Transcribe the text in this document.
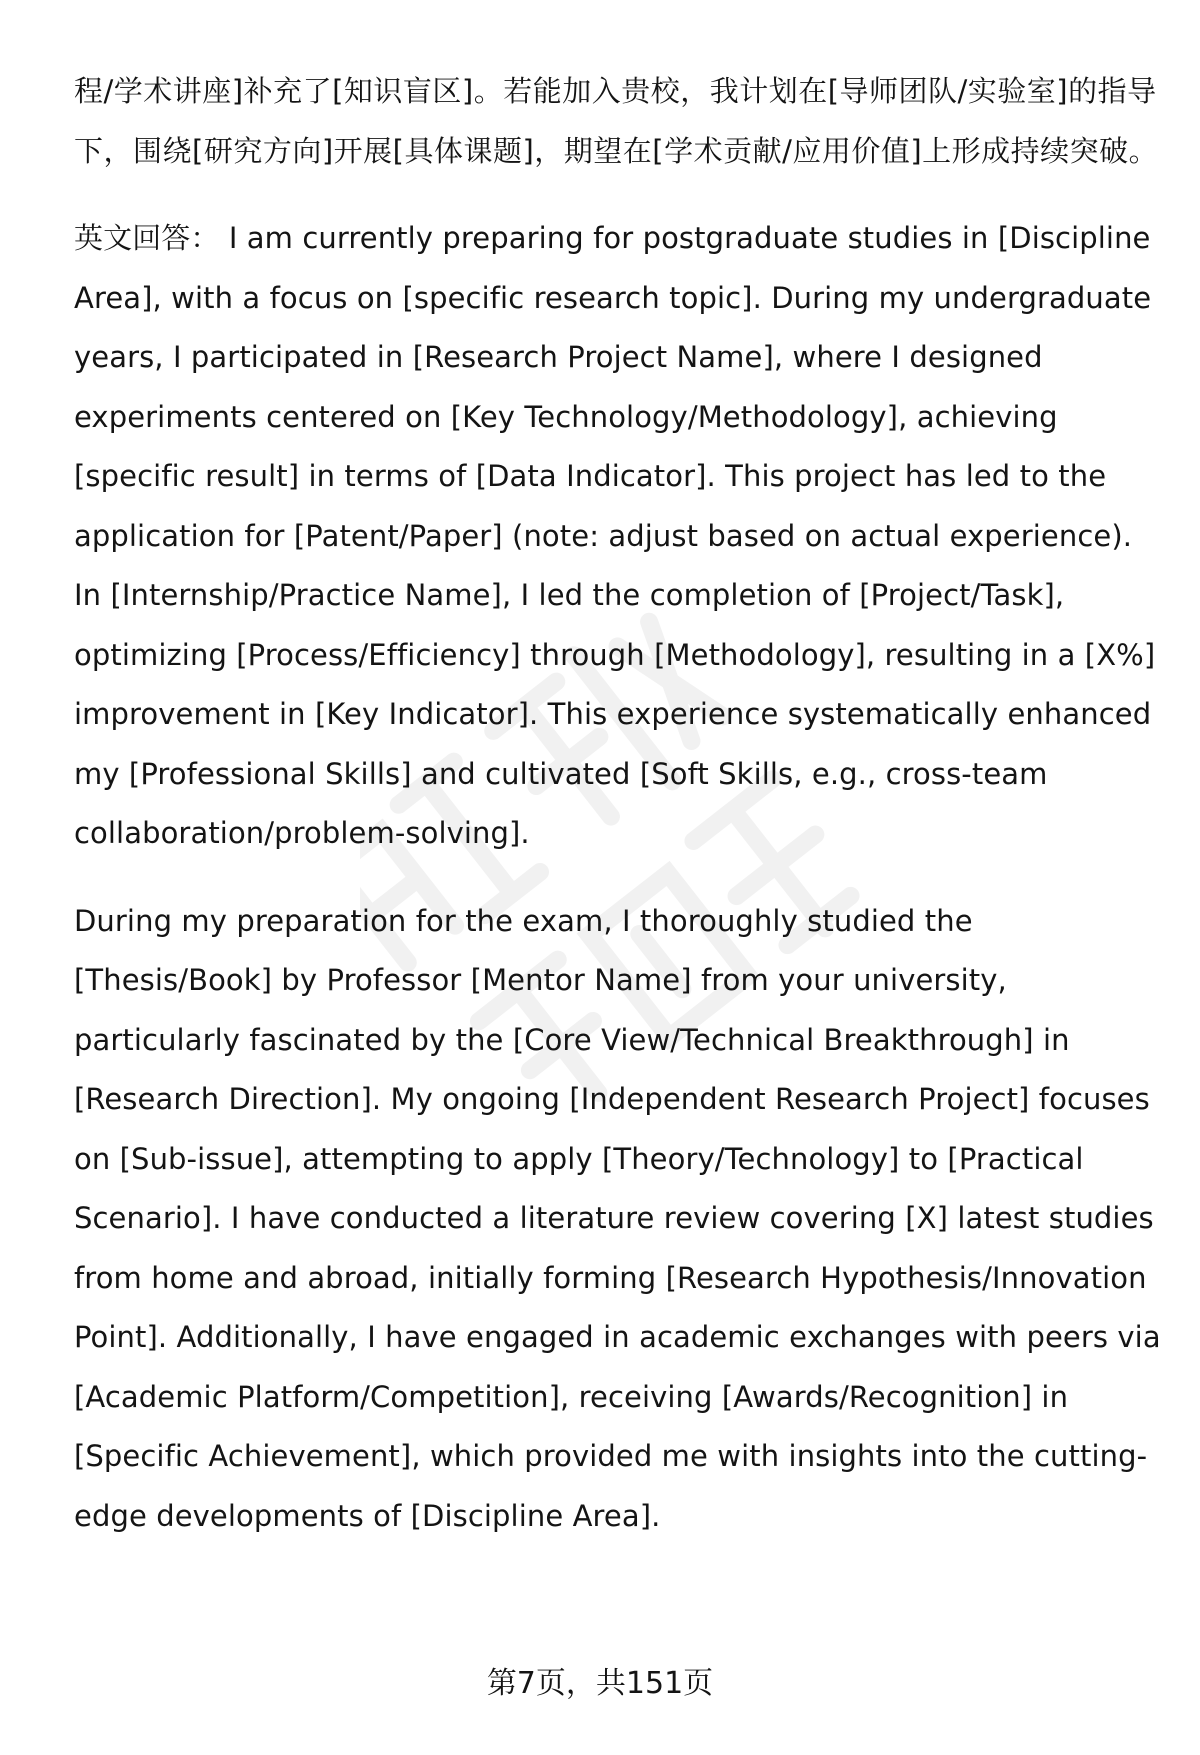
程/学术讲座]补充了[知识盲区]。若能加入贵校，我计划在[导师团队/实验室]的指导下，围绕[研究方向]开展[具体课题]，期望在[学术贡献/应用价值]上形成持续突破。

英文回答： I am currently preparing for postgraduate studies in [Discipline Area], with a focus on [specific research topic]. During my undergraduate years, I participated in [Research Project Name], where I designed experiments centered on [Key Technology/Methodology], achieving [specific result] in terms of [Data Indicator]. This project has led to the application for [Patent/Paper] (note: adjust based on actual experience). In [Internship/Practice Name], I led the completion of [Project/Task], optimizing [Process/Efficiency] through [Methodology], resulting in a [X%] improvement in [Key Indicator]. This experience systematically enhanced my [Professional Skills] and cultivated [Soft Skills, e.g., cross-team collaboration/problem-solving].

During my preparation for the exam, I thoroughly studied the [Thesis/Book] by Professor [Mentor Name] from your university, particularly fascinated by the [Core View/Technical Breakthrough] in [Research Direction]. My ongoing [Independent Research Project] focuses on [Sub-issue], attempting to apply [Theory/Technology] to [Practical Scenario]. I have conducted a literature review covering [X] latest studies from home and abroad, initially forming [Research Hypothesis/Innovation Point]. Additionally, I have engaged in academic exchanges with peers via [Academic Platform/Competition], receiving [Awards/Recognition] in [Specific Achievement], which provided me with insights into the cutting-edge developments of [Discipline Area].

第7页，共151页
